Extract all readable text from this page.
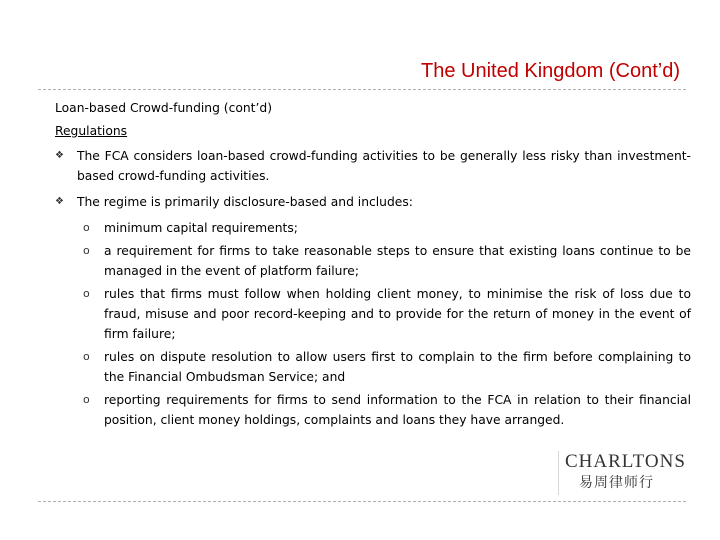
The United Kingdom (Cont’d)
Loan-based Crowd-funding (cont’d)
Regulations
❖ The FCA considers loan-based crowd-funding activities to be generally less risky than investment-based crowd-funding activities.
❖ The regime is primarily disclosure-based and includes:
o minimum capital requirements;
o a requirement for firms to take reasonable steps to ensure that existing loans continue to be managed in the event of platform failure;
o rules that firms must follow when holding client money, to minimise the risk of loss due to fraud, misuse and poor record-keeping and to provide for the return of money in the event of firm failure;
o rules on dispute resolution to allow users first to complain to the firm before complaining to the Financial Ombudsman Service; and
o reporting requirements for firms to send information to the FCA in relation to their financial position, client money holdings, complaints and loans they have arranged.
CHARLTONS
易周律师行
